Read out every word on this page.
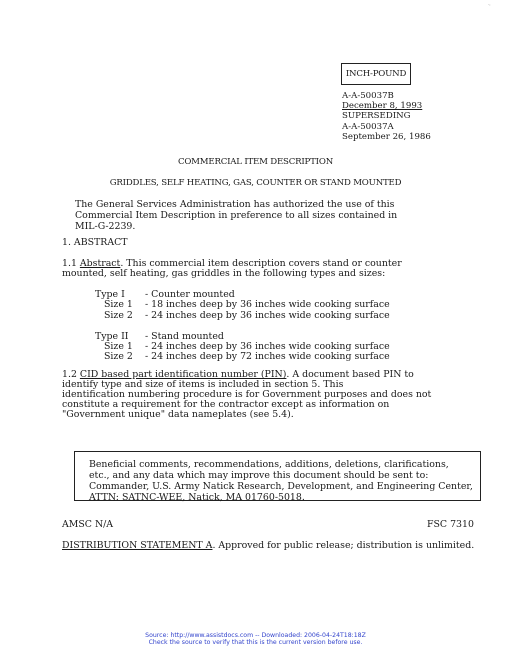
·:
INCH-POUND
A-A-50037B
December 8, 1993
SUPERSEDING
A-A-50037A
September 26, 1986
COMMERCIAL ITEM DESCRIPTION
GRIDDLES, SELF HEATING, GAS, COUNTER OR STAND MOUNTED
The General Services Administration has authorized the use of this
Commercial Item Description in preference to all sizes contained in
MIL-G-2239.
1. ABSTRACT
1.1 Abstract. This commercial item description covers stand or counter
mounted, self heating, gas griddles in the following types and sizes:
Type I - Counter mounted
Size 1 - 18 inches deep by 36 inches wide cooking surface
Size 2 - 24 inches deep by 36 inches wide cooking surface
Type II - Stand mounted
Size 1 - 24 inches deep by 36 inches wide cooking surface
Size 2 - 24 inches deep by 72 inches wide cooking surface
1.2 CID based part identification number (PIN). A document based PIN to
identify type and size of items is included in section 5. This
identification numbering procedure is for Government purposes and does not
constitute a requirement for the contractor except as information on
"Government unique" data nameplates (see 5.4).
Beneficial comments, recommendations, additions, deletions, clarifications,
etc., and any data which may improve this document should be sent to:
Commander, U.S. Army Natick Research, Development, and Engineering Center,
ATTN: SATNC-WEE, Natick, MA 01760-5018.
AMSC N/A	FSC 7310
DISTRIBUTION STATEMENT A. Approved for public release; distribution is unlimited.
Source: http://www.assistdocs.com -- Downloaded: 2006-04-24T18:18Z
Check the source to verify that this is the current version before use.
